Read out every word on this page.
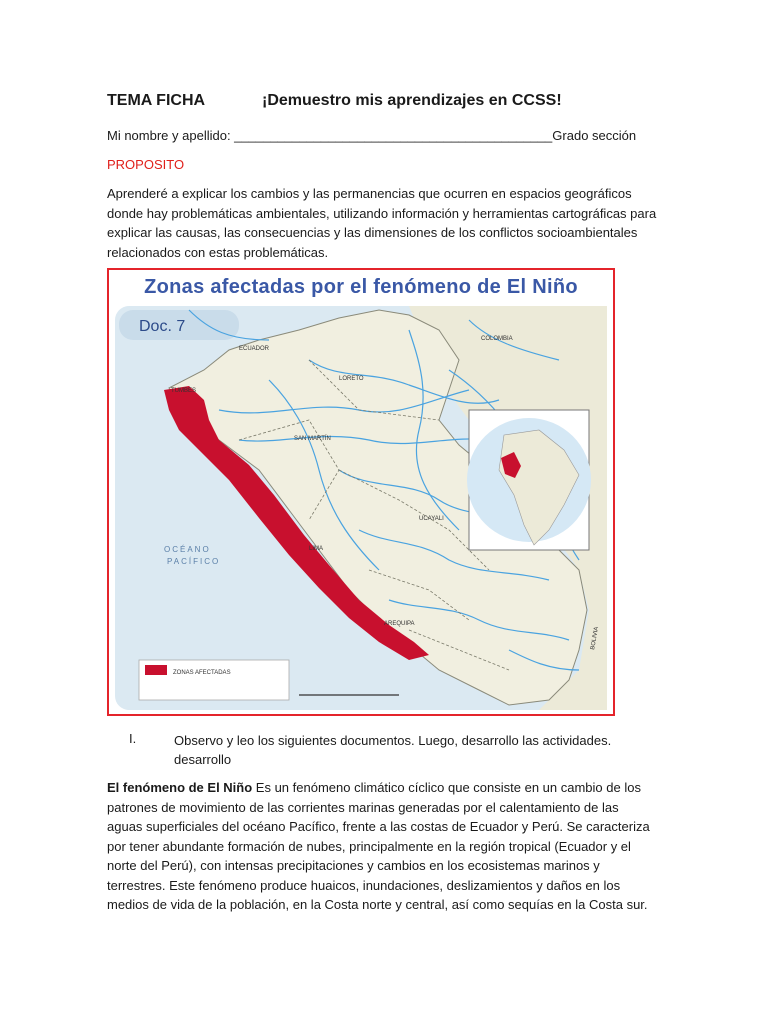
TEMA FICHA	¡Demuestro mis aprendizajes en CCSS!
Mi nombre y apellido: ____________________________________________Grado sección
PROPOSITO
Aprenderé a explicar los cambios y las permanencias que ocurren en espacios geográficos donde hay problemáticas ambientales, utilizando información y herramientas cartográficas para explicar las causas, las consecuencias y las dimensiones de los conflictos socioambientales relacionados con estas problemáticas.
Zonas afectadas por el fenómeno de El Niño
Doc. 7
ECUADOR
COLOMBIA
TUMBES
LORETO
SAN MARTÍN
UCAYALI
LIMA
AREQUIPA
OCÉANO
PACÍFICO
BOLIVIA
ZONAS AFECTADAS
I.	Observo y leo los siguientes documentos. Luego, desarrollo las actividades. desarrollo
El fenómeno de El Niño Es un fenómeno climático cíclico que consiste en un cambio de los patrones de movimiento de las corrientes marinas generadas por el calentamiento de las aguas superficiales del océano Pacífico, frente a las costas de Ecuador y Perú. Se caracteriza por tener abundante formación de nubes, principalmente en la región tropical (Ecuador y el norte del Perú), con intensas precipitaciones y cambios en los ecosistemas marinos y terrestres. Este fenómeno produce huaicos, inundaciones, deslizamientos y daños en los medios de vida de la población, en la Costa norte y central, así como sequías en la Costa sur.
